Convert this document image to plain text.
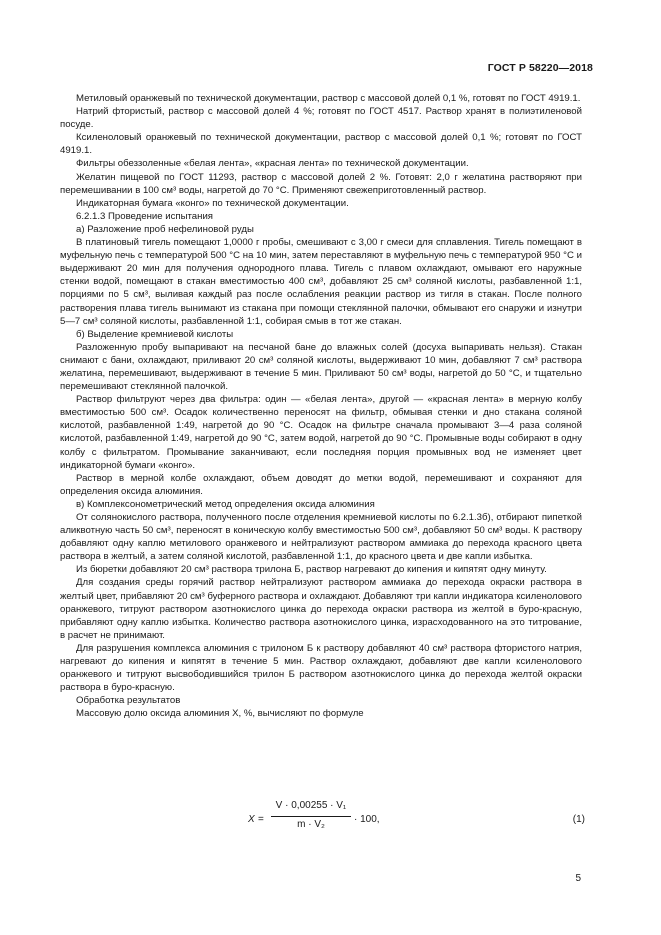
ГОСТ Р 58220—2018

Метиловый оранжевый по технической документации, раствор с массовой долей 0,1 %, готовят по ГОСТ 4919.1.

Натрий фтористый, раствор с массовой долей 4 %; готовят по ГОСТ 4517. Раствор хранят в полиэтиленовой посуде.

Ксиленоловый оранжевый по технической документации, раствор с массовой долей 0,1 %; готовят по ГОСТ 4919.1.

Фильтры обеззоленные «белая лента», «красная лента» по технической документации.

Желатин пищевой по ГОСТ 11293, раствор с массовой долей 2 %. Готовят: 2,0 г желатина растворяют при перемешивании в 100 см³ воды, нагретой до 70 °С. Применяют свежеприготовленный раствор.

Индикаторная бумага «конго» по технической документации.

6.2.1.3 Проведение испытания

а) Разложение проб нефелиновой руды

В платиновый тигель помещают 1,0000 г пробы, смешивают с 3,00 г смеси для сплавления. Тигель помещают в муфельную печь с температурой 500 °С на 10 мин, затем переставляют в муфельную печь с температурой 950 °С и выдерживают 20 мин для получения однородного плава. Тигель с плавом охлаждают, омывают его наружные стенки водой, помещают в стакан вместимостью 400 см³, добавляют 25 см³ соляной кислоты, разбавленной 1:1, порциями по 5 см³, выливая каждый раз после ослабления реакции раствор из тигля в стакан. После полного растворения плава тигель вынимают из стакана при помощи стеклянной палочки, обмывают его снаружи и изнутри 5—7 см³ соляной кислоты, разбавленной 1:1, собирая смыв в тот же стакан.

б) Выделение кремниевой кислоты

Разложенную пробу выпаривают на песчаной бане до влажных солей (досуха выпаривать нельзя). Стакан снимают с бани, охлаждают, приливают 20 см³ соляной кислоты, выдерживают 10 мин, добавляют 7 см³ раствора желатина, перемешивают, выдерживают в течение 5 мин. Приливают 50 см³ воды, нагретой до 50 °С, и тщательно перемешивают стеклянной палочкой.

Раствор фильтруют через два фильтра: один — «белая лента», другой — «красная лента» в мерную колбу вместимостью 500 см³. Осадок количественно переносят на фильтр, обмывая стенки и дно стакана соляной кислотой, разбавленной 1:49, нагретой до 90 °С. Осадок на фильтре сначала промывают 3—4 раза соляной кислотой, разбавленной 1:49, нагретой до 90 °С, затем водой, нагретой до 90 °С. Промывные воды собирают в одну колбу с фильтратом. Промывание заканчивают, если последняя порция промывных вод не изменяет цвет индикаторной бумаги «конго».

Раствор в мерной колбе охлаждают, объем доводят до метки водой, перемешивают и сохраняют для определения оксида алюминия.

в) Комплексонометрический метод определения оксида алюминия

От солянокислого раствора, полученного после отделения кремниевой кислоты по 6.2.1.3б), отбирают пипеткой аликвотную часть 50 см³, переносят в коническую колбу вместимостью 500 см³, добавляют 50 см³ воды. К раствору добавляют одну каплю метилового оранжевого и нейтрализуют раствором аммиака до перехода красного цвета раствора в желтый, а затем соляной кислотой, разбавленной 1:1, до красного цвета и две капли избытка.

Из бюретки добавляют 20 см³ раствора трилона Б, раствор нагревают до кипения и кипятят одну минуту.

Для создания среды горячий раствор нейтрализуют раствором аммиака до перехода окраски раствора в желтый цвет, прибавляют 20 см³ буферного раствора и охлаждают. Добавляют три капли индикатора ксиленолового оранжевого, титруют раствором азотнокислого цинка до перехода окраски раствора из желтой в буро-красную, прибавляют одну каплю избытка. Количество раствора азотнокислого цинка, израсходованного на это титрование, в расчет не принимают.

Для разрушения комплекса алюминия с трилоном Б к раствору добавляют 40 см³ раствора фтористого натрия, нагревают до кипения и кипятят в течение 5 мин. Раствор охлаждают, добавляют две капли ксиленолового оранжевого и титруют высвободившийся трилон Б раствором азотнокислого цинка до перехода желтой окраски раствора в буро-красную.

Обработка результатов

Массовую долю оксида алюминия X, %, вычисляют по формуле

X =
V · 0,00255 · V₁
m · V₂	· 100,	(1)
5
